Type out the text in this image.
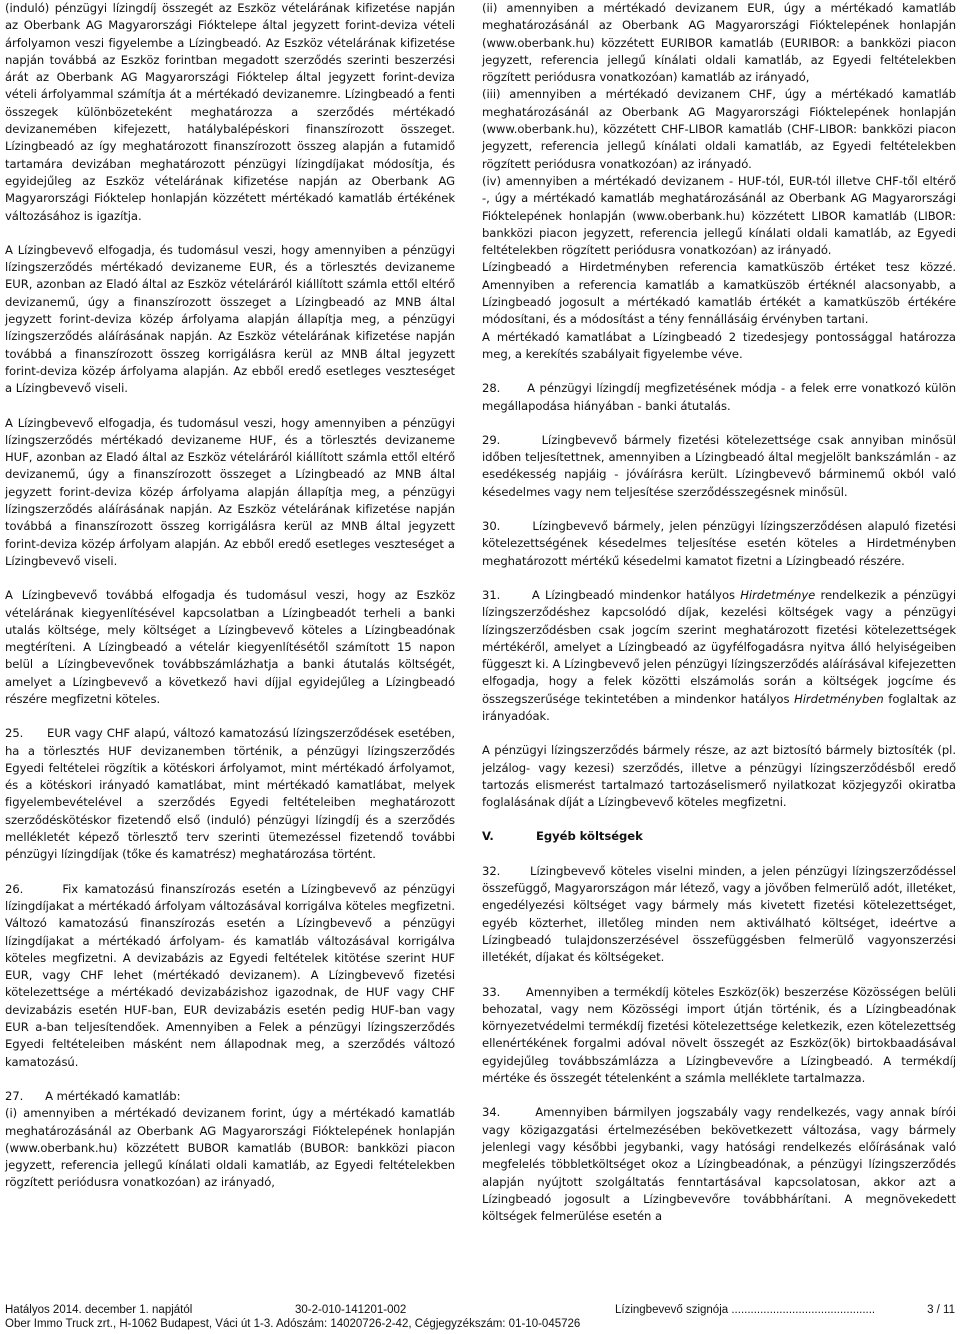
(induló) pénzügyi lízingdíj összegét az Eszköz vételárának kifizetése napján az Oberbank AG Magyarországi Fióktelepe által jegyzett forint-deviza vételi árfolyamon veszi figyelembe a Lízingbeadó. Az Eszköz vételárának kifizetése napján továbbá az Eszköz forintban megadott szerződés szerinti beszerzési árát az Oberbank AG Magyarországi Fióktelep által jegyzett forint-deviza vételi árfolyammal számítja át a mértékadó devizanemre. Lízingbeadó a fenti összegek különbözeteként meghatározza a szerződés mértékadó devizanemében kifejezett, hatálybalépéskori finanszírozott összeget. Lízingbeadó az így meghatározott finanszírozott összeg alapján a futamidő tartamára devizában meghatározott pénzügyi lízingdíjakat módosítja, és egyidejűleg az Eszköz vételárának kifizetése napján az Oberbank AG Magyarországi Fióktelep honlapján közzétett mértékadó kamatláb értékének változásához is igazítja.

A Lízingbevevő elfogadja, és tudomásul veszi, hogy amennyiben a pénzügyi lízingszerződés mértékadó devizaneme EUR, és a törlesztés devizaneme EUR, azonban az Eladó által az Eszköz vételáráról kiállított számla ettől eltérő devizanemű, úgy a finanszírozott összeget a Lízingbeadó az MNB által jegyzett forint-deviza közép árfolyama alapján állapítja meg, a pénzügyi lízingszerződés aláírásának napján. Az Eszköz vételárának kifizetése napján továbbá a finanszírozott összeg korrigálásra kerül az MNB által jegyzett forint-deviza közép árfolyama alapján. Az ebből eredő esetleges veszteséget a Lízingbevevő viseli.

A Lízingbevevő elfogadja, és tudomásul veszi, hogy amennyiben a pénzügyi lízingszerződés mértékadó devizaneme HUF, és a törlesztés devizaneme HUF, azonban az Eladó által az Eszköz vételáráról kiállított számla ettől eltérő devizanemű, úgy a finanszírozott összeget a Lízingbeadó az MNB által jegyzett forint-deviza közép árfolyama alapján állapítja meg, a pénzügyi lízingszerződés aláírásának napján. Az Eszköz vételárának kifizetése napján továbbá a finanszírozott összeg korrigálásra kerül az MNB által jegyzett forint-deviza közép árfolyam alapján. Az ebből eredő esetleges veszteséget a Lízingbevevő viseli.

A Lízingbevevő továbbá elfogadja és tudomásul veszi, hogy az Eszköz vételárának kiegyenlítésével kapcsolatban a Lízingbeadót terheli a banki utalás költsége, mely költséget a Lízingbevevő köteles a Lízingbeadónak megtéríteni. A Lízingbeadó a vételár kiegyenlítésétől számított 15 napon belül a Lízingbevevőnek továbbszámlázhatja a banki átutalás költségét, amelyet a Lízingbevevő a következő havi díjjal egyidejűleg a Lízingbeadó részére megfizetni köteles.

25.      EUR vagy CHF alapú, változó kamatozású lízingszerződések esetében, ha a törlesztés HUF devizanemben történik, a pénzügyi lízingszerződés Egyedi feltételei rögzítik a kötéskori árfolyamot, mint mértékadó árfolyamot, és a kötéskori irányadó kamatlábat, mint mértékadó kamatlábat, melyek figyelembevételével a szerződés Egyedi feltételeiben meghatározott szerződéskötéskor fizetendő első (induló) pénzügyi lízingdíj és a szerződés mellékletét képező törlesztő terv szerinti ütemezéssel fizetendő további pénzügyi lízingdíjak (tőke és kamatrész) meghatározása történt.

26.      Fix kamatozású finanszírozás esetén a Lízingbevevő az pénzügyi lízingdíjakat a mértékadó árfolyam változásával korrigálva köteles megfizetni. Változó kamatozású finanszírozás esetén a Lízingbevevő a pénzügyi lízingdíjakat a mértékadó árfolyam- és kamatláb változásával korrigálva köteles megfizetni. A devizabázis az Egyedi feltételek kitötése szerint HUF EUR, vagy CHF lehet (mértékadó devizanem). A Lízingbevevő fizetési kötelezettsége a mértékadó devizabázishoz igazodnak, de HUF vagy CHF devizabázis esetén HUF-ban, EUR devizabázis esetén pedig HUF-ban vagy EUR a-ban teljesítendőek. Amennyiben a Felek a pénzügyi lízingszerződés Egyedi feltételeiben másként nem állapodnak meg, a szerződés változó kamatozású.

27.      A mértékadó kamatláb:

(i) amennyiben a mértékadó devizanem forint, úgy a mértékadó kamatláb meghatározásánál az Oberbank AG Magyarországi Fióktelepének honlapján (www.oberbank.hu) közzétett BUBOR kamatláb (BUBOR: bankközi piacon jegyzett, referencia jellegű kínálati oldali kamatláb, az Egyedi feltételekben rögzített periódusra vonatkozóan) az irányadó,

(ii) amennyiben a mértékadó devizanem EUR, úgy a mértékadó kamatláb meghatározásánál az Oberbank AG Magyarországi Fióktelepének honlapján (www.oberbank.hu) közzétett EURIBOR kamatláb (EURIBOR: a bankközi piacon jegyzett, referencia jellegű kínálati oldali kamatláb, az Egyedi feltételekben rögzített periódusra vonatkozóan) kamatláb az irányadó,

(iii) amennyiben a mértékadó devizanem CHF, úgy a mértékadó kamatláb meghatározásánál az Oberbank AG Magyarországi Fióktelepének honlapján (www.oberbank.hu), közzétett CHF-LIBOR kamatláb (CHF-LIBOR: bankközi piacon jegyzett, referencia jellegű kínálati oldali kamatláb, az Egyedi feltételekben rögzített periódusra vonatkozóan) az irányadó.

(iv) amennyiben a mértékadó devizanem - HUF-tól, EUR-tól illetve CHF-től eltérő -, úgy a mértékadó kamatláb meghatározásánál az Oberbank AG Magyarországi Fióktelepének honlapján (www.oberbank.hu) közzétett LIBOR kamatláb (LIBOR: bankközi piacon jegyzett, referencia jellegű kínálati oldali kamatláb, az Egyedi feltételekben rögzített periódusra vonatkozóan) az irányadó.

Lízingbeadó a Hirdetményben referencia kamatküszöb értéket tesz közzé. Amennyiben a referencia kamatláb a kamatküszöb értéknél alacsonyabb, a Lízingbeadó jogosult a mértékadó kamatláb értékét a kamatküszöb értékére módosítani, és a módosítást a tény fennállásáig érvényben tartani.

A mértékadó kamatlábat a Lízingbeadó 2 tizedesjegy pontossággal határozza meg, a kerekítés szabályait figyelembe véve.

28.      A pénzügyi lízingdíj megfizetésének módja - a felek erre vonatkozó külön megállapodása hiányában - banki átutalás.

29.      Lízingbevevő bármely fizetési kötelezettsége csak annyiban minősül időben teljesítettnek, amennyiben a Lízingbeadó által megjelölt bankszámlán - az esedékesség napjáig - jóváírásra került. Lízingbevevő bárminemű okból való késedelmes vagy nem teljesítése szerződésszegésnek minősül.

30.      Lízingbevevő bármely, jelen pénzügyi lízingszerződésen alapuló fizetési kötelezettségének késedelmes teljesítése esetén köteles a Hirdetményben meghatározott mértékű késedelmi kamatot fizetni a Lízingbeadó részére.

31.      A Lízingbeadó mindenkor hatályos Hirdetménye rendelkezik a pénzügyi lízingszerződéshez kapcsolódó díjak, kezelési költségek vagy a pénzügyi lízingszerződésben csak jogcím szerint meghatározott fizetési kötelezettségek mértékéről, amelyet a Lízingbeadó az ügyfélfogadásra nyitva álló helyiségeiben függeszt ki. A Lízingbevevő jelen pénzügyi lízingszerződés aláírásával kifejezetten elfogadja, hogy a felek közötti elszámolás során a költségek jogcíme és összegszerűsége tekintetében a mindenkor hatályos Hirdetményben foglaltak az irányadóak.

A pénzügyi lízingszerződés bármely része, az azt biztosító bármely biztosíték (pl. jelzálog- vagy kezesi) szerződés, illetve a pénzügyi lízingszerződésből eredő tartozás elismerést tartalmazó tartozáselismerő nyilatkozat közjegyzői okiratba foglalásának díját a Lízingbevevő köteles megfizetni.

V.	Egyéb költségek

32.      Lízingbevevő köteles viselni minden, a jelen pénzügyi lízingszerződéssel összefüggő, Magyarországon már létező, vagy a jövőben felmerülő adót, illetéket, engedélyezési költséget vagy bármely más kivetett fizetési kötelezettséget, egyéb közterhet, illetőleg minden nem aktiválható költséget, ideértve a Lízingbeadó tulajdonszerzésével összefüggésben felmerülő vagyonszerzési illetékét, díjakat és költségeket.

33.      Amennyiben a termékdíj köteles Eszköz(ök) beszerzése Közösségen belüli behozatal, vagy nem Közösségi import útján történik, és a Lízingbeadónak környezetvédelmi termékdíj fizetési kötelezettsége keletkezik, ezen kötelezettség ellenértékének forgalmi adóval növelt összegét az Eszköz(ök) birtokbaadásával egyidejűleg továbbszámlázza a Lízingbevevőre a Lízingbeadó. A termékdíj mértéke és összegét tételenként a számla melléklete tartalmazza.

34.      Amennyiben bármilyen jogszabály vagy rendelkezés, vagy annak bírói vagy közigazgatási értelmezésében bekövetkezett változása, vagy bármely jelenlegi vagy későbbi jegybanki, vagy hatósági rendelkezés előírásának való megfelelés többletköltséget okoz a Lízingbeadónak, a pénzügyi lízingszerződés alapján nyújtott szolgáltatás fenntartásával kapcsolatosan, akkor azt a Lízingbeadó jogosult a Lízingbevevőre továbbhárítani. A megnövekedett költségek felmerülése esetén a

Hatályos 2014. december 1. napjától	30-2-010-141201-002	Lízingbevevő szignója .............................................	3 / 11
Ober Immo Truck zrt., H-1062 Budapest, Váci út 1-3. Adószám: 14020726-2-42, Cégjegyzékszám: 01-10-045726
